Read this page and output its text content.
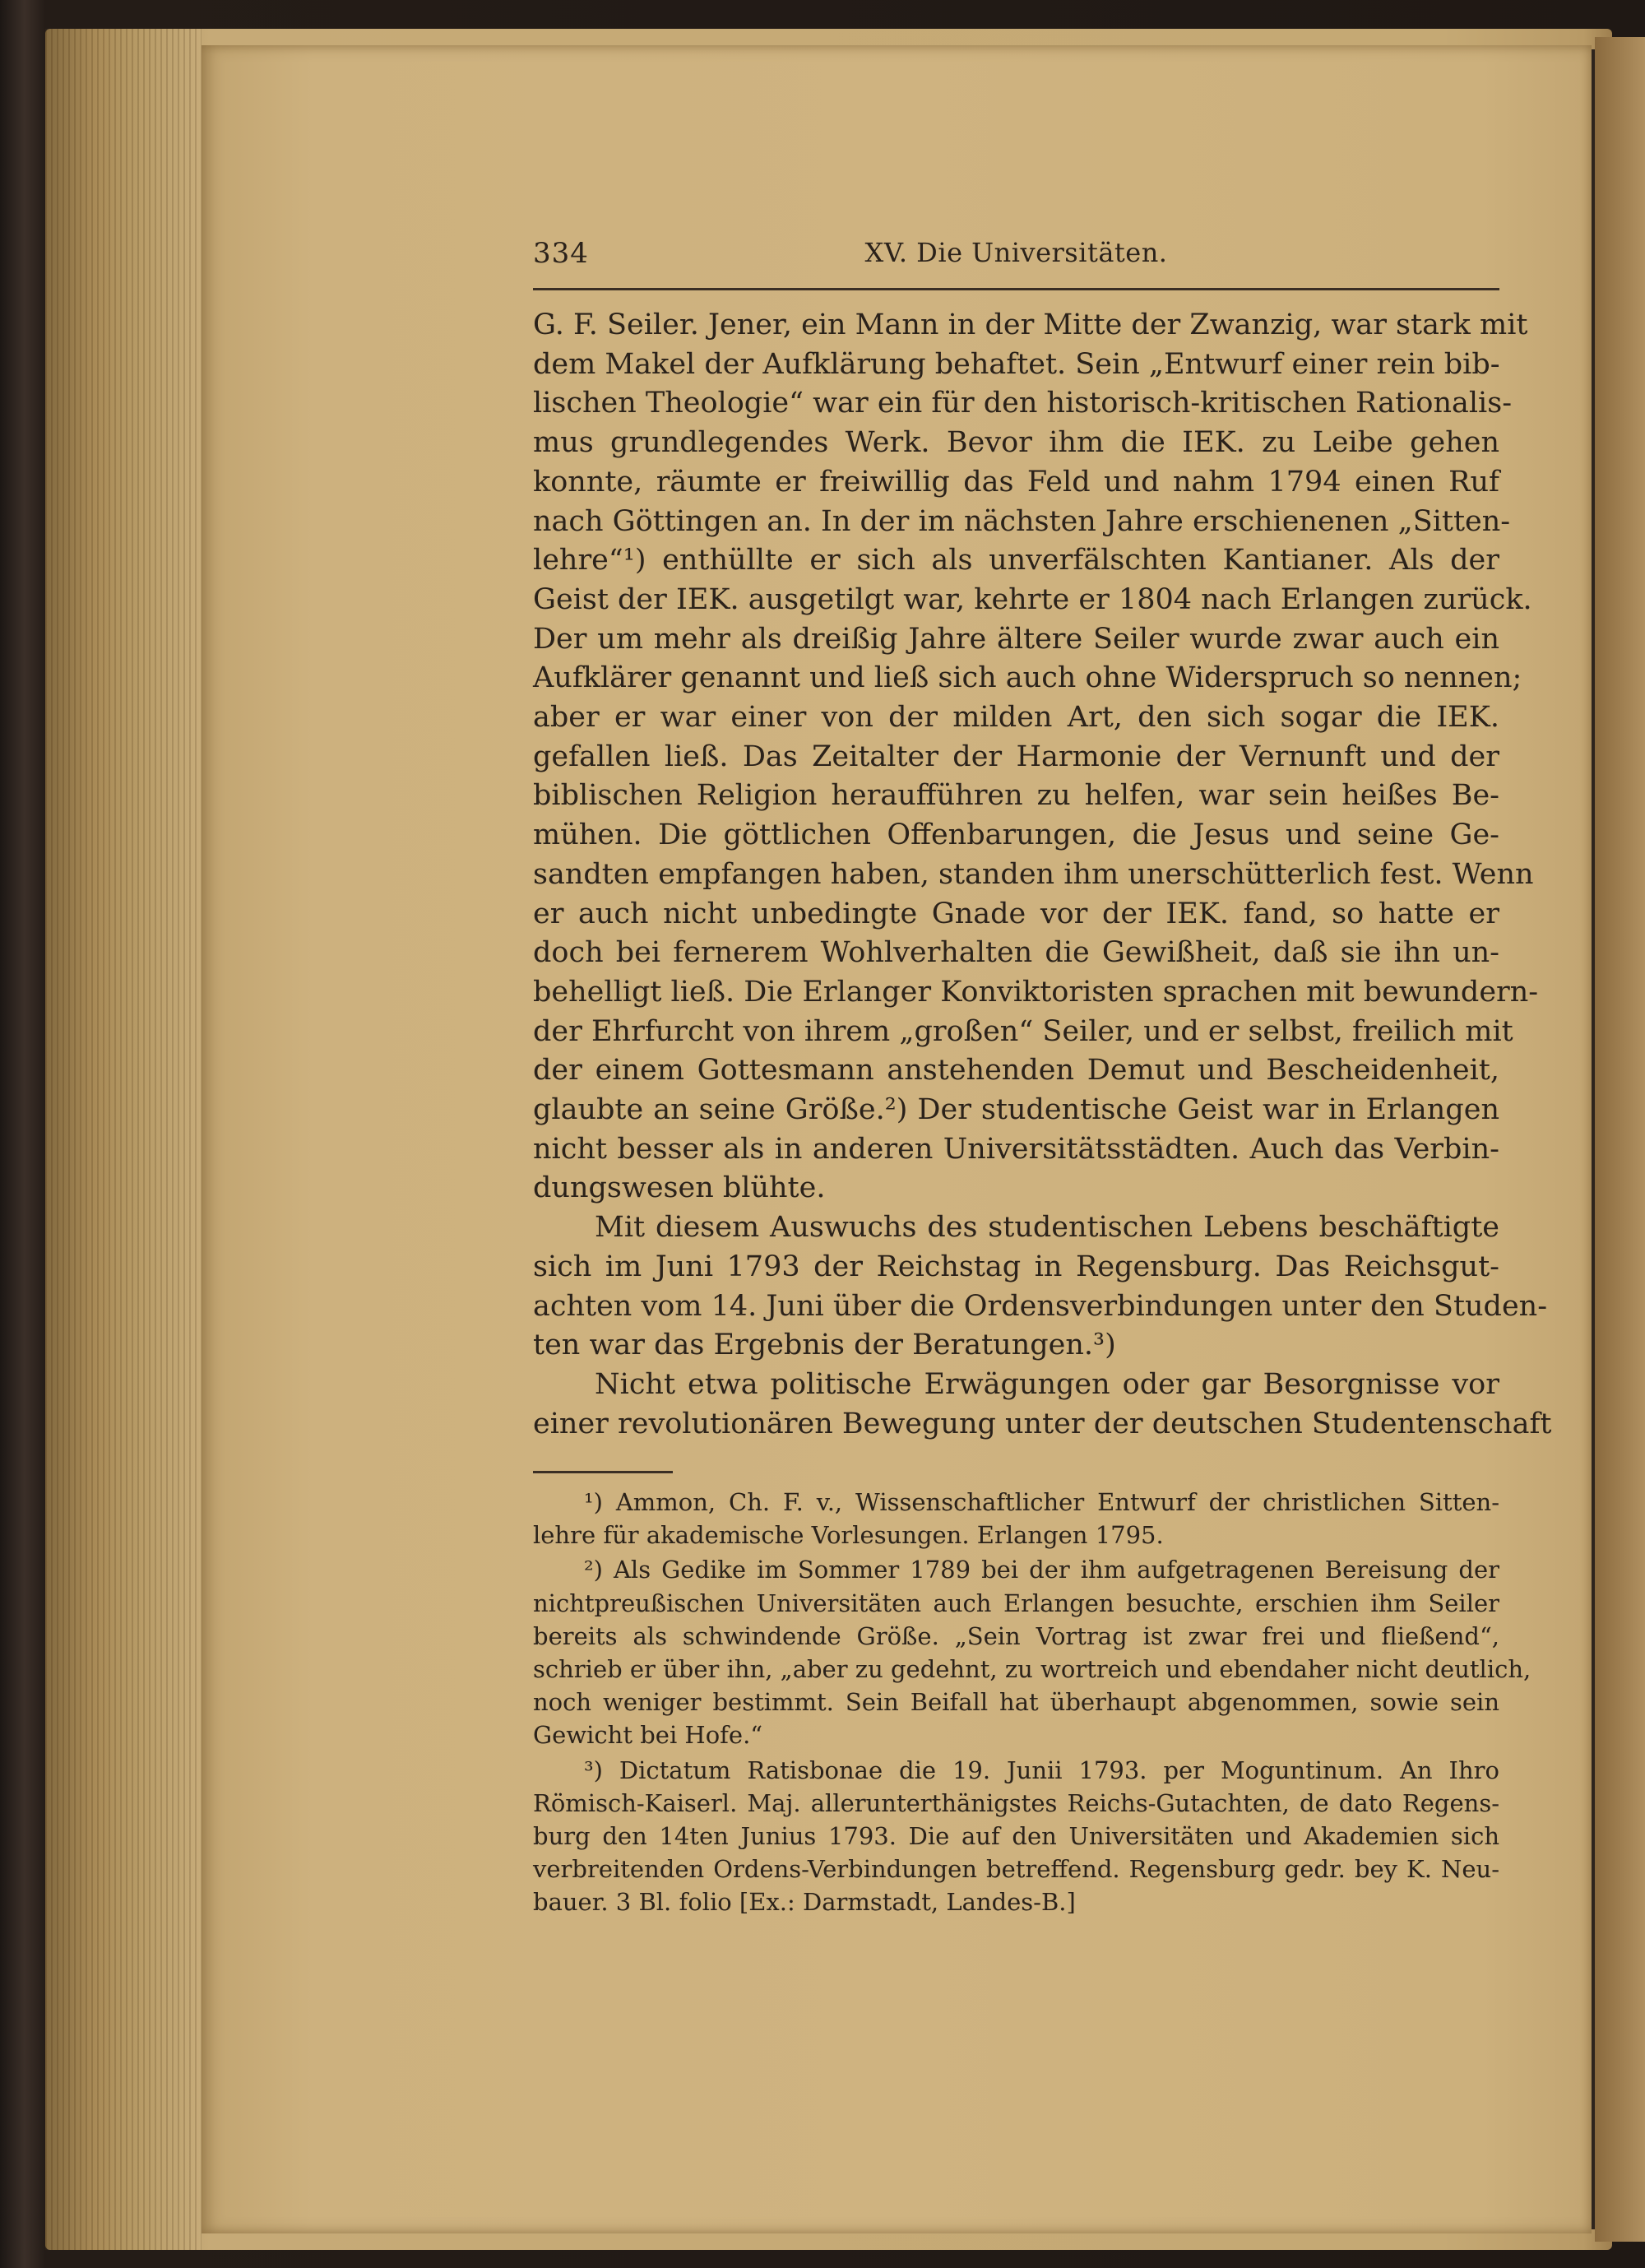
334	XV. Die Universitäten.

G. F. Seiler. Jener, ein Mann in der Mitte der Zwanzig, war stark mit
dem Makel der Aufklärung behaftet. Sein „Entwurf einer rein bib-
lischen Theologie“ war ein für den historisch-kritischen Rationalis-
mus grundlegendes Werk. Bevor ihm die IEK. zu Leibe gehen
konnte, räumte er freiwillig das Feld und nahm 1794 einen Ruf
nach Göttingen an. In der im nächsten Jahre erschienenen „Sitten-
lehre“¹) enthüllte er sich als unverfälschten Kantianer. Als der
Geist der IEK. ausgetilgt war, kehrte er 1804 nach Erlangen zurück.
Der um mehr als dreißig Jahre ältere Seiler wurde zwar auch ein
Aufklärer genannt und ließ sich auch ohne Widerspruch so nennen;
aber er war einer von der milden Art, den sich sogar die IEK.
gefallen ließ. Das Zeitalter der Harmonie der Vernunft und der
biblischen Religion heraufführen zu helfen, war sein heißes Be-
mühen. Die göttlichen Offenbarungen, die Jesus und seine Ge-
sandten empfangen haben, standen ihm unerschütterlich fest. Wenn
er auch nicht unbedingte Gnade vor der IEK. fand, so hatte er
doch bei fernerem Wohlverhalten die Gewißheit, daß sie ihn un-
behelligt ließ. Die Erlanger Konviktoristen sprachen mit bewundern-
der Ehrfurcht von ihrem „großen“ Seiler, und er selbst, freilich mit
der einem Gottesmann anstehenden Demut und Bescheidenheit,
glaubte an seine Größe.²) Der studentische Geist war in Erlangen
nicht besser als in anderen Universitätsstädten. Auch das Verbin-
dungswesen blühte.

Mit diesem Auswuchs des studentischen Lebens beschäftigte
sich im Juni 1793 der Reichstag in Regensburg. Das Reichsgut-
achten vom 14. Juni über die Ordensverbindungen unter den Studen-
ten war das Ergebnis der Beratungen.³)

Nicht etwa politische Erwägungen oder gar Besorgnisse vor
einer revolutionären Bewegung unter der deutschen Studentenschaft

¹) Ammon, Ch. F. v., Wissenschaftlicher Entwurf der christlichen Sitten-
lehre für akademische Vorlesungen. Erlangen 1795.
²) Als Gedike im Sommer 1789 bei der ihm aufgetragenen Bereisung der
nichtpreußischen Universitäten auch Erlangen besuchte, erschien ihm Seiler
bereits als schwindende Größe. „Sein Vortrag ist zwar frei und fließend“,
schrieb er über ihn, „aber zu gedehnt, zu wortreich und ebendaher nicht deutlich,
noch weniger bestimmt. Sein Beifall hat überhaupt abgenommen, sowie sein
Gewicht bei Hofe.“
³) Dictatum Ratisbonae die 19. Junii 1793. per Moguntinum. An Ihro
Römisch-Kaiserl. Maj. allerunterthänigstes Reichs-Gutachten, de dato Regens-
burg den 14ten Junius 1793. Die auf den Universitäten und Akademien sich
verbreitenden Ordens-Verbindungen betreffend. Regensburg gedr. bey K. Neu-
bauer. 3 Bl. folio [Ex.: Darmstadt, Landes-B.]
